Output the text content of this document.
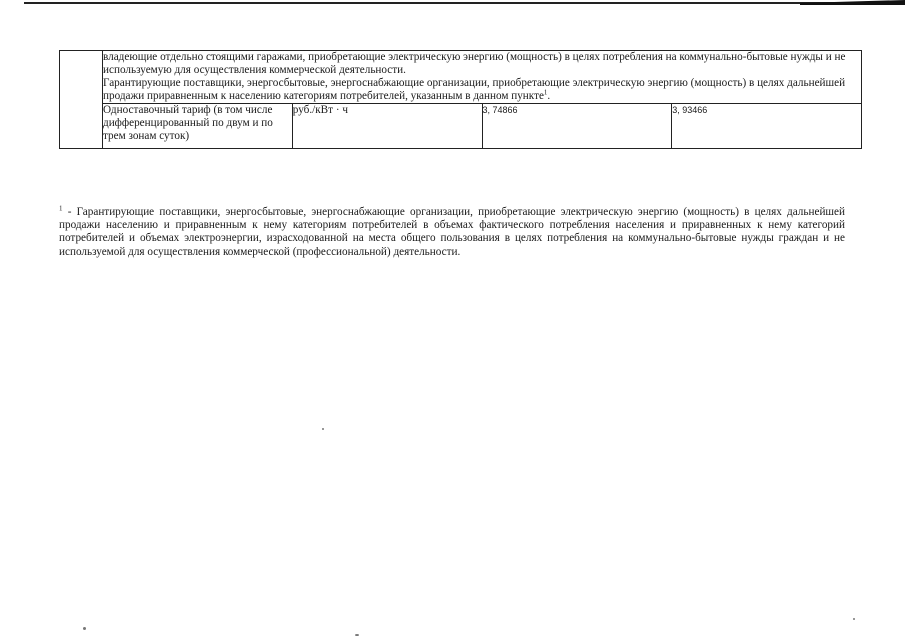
	владеющие отдельно стоящими гаражами, приобретающие электрическую энергию (мощность) в целях потребления на коммунально-бытовые нужды и не используемую для осуществления коммерческой деятельности.
Гарантирующие поставщики, энергосбытовые, энергоснабжающие организации, приобретающие электрическую энергию (мощность) в целях дальнейшей продажи приравненным к населению категориям потребителей, указанным в данном пункте$^1$.			

	Одноставочный тариф (в том числе дифференцированный по двум и по трем зонам суток)	руб./кВт · ч	3, 74866	3, 93466
$^1$ - Гарантирующие поставщики, энергосбытовые, энергоснабжающие организации, приобретающие электрическую энергию (мощность) в целях дальнейшей продажи населению и приравненным к нему категориям потребителей в объемах фактического потребления населения и приравненных к нему категорий потребителей и объемах электроэнергии, израсходованной на места общего пользования в целях потребления на коммунально-бытовые нужды граждан и не используемой для осуществления коммерческой (профессиональной) деятельности.
